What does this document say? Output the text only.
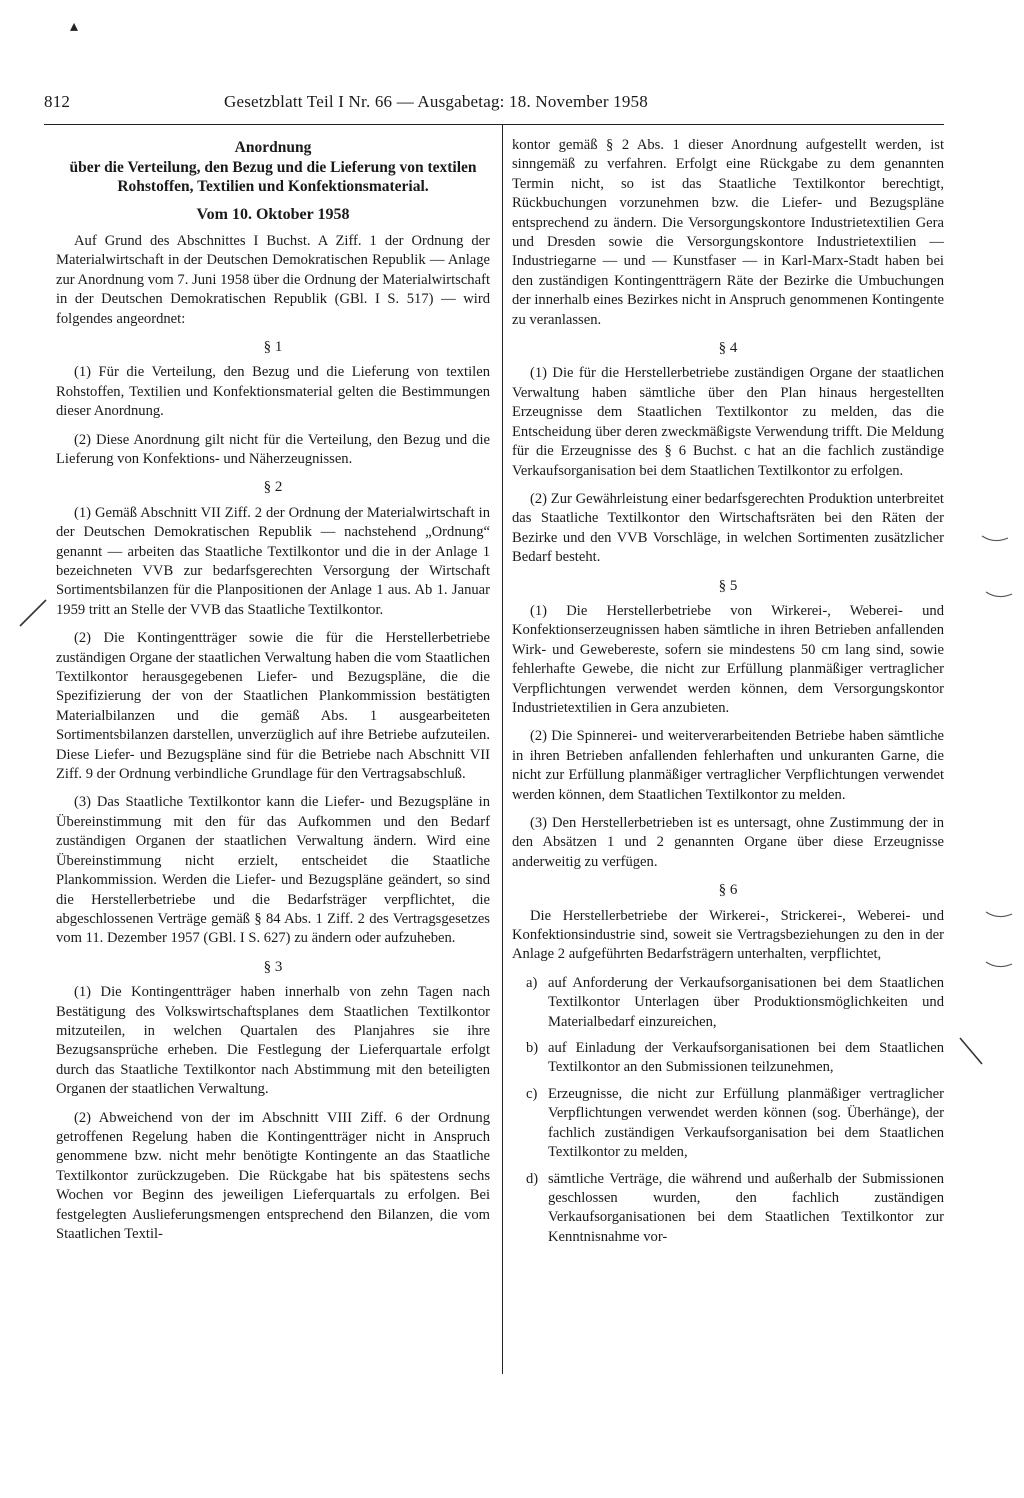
▴
812	Gesetzblatt Teil I Nr. 66 — Ausgabetag: 18. November 1958
Anordnung
über die Verteilung, den Bezug und die Lieferung von textilen Rohstoffen, Textilien und Konfektionsmaterial.
Vom 10. Oktober 1958

Auf Grund des Abschnittes I Buchst. A Ziff. 1 der Ordnung der Materialwirtschaft in der Deutschen Demokratischen Republik — Anlage zur Anordnung vom 7. Juni 1958 über die Ordnung der Materialwirtschaft in der Deutschen Demokratischen Republik (GBl. I S. 517) — wird folgendes angeordnet:

§ 1

(1) Für die Verteilung, den Bezug und die Lieferung von textilen Rohstoffen, Textilien und Konfektionsmaterial gelten die Bestimmungen dieser Anordnung.

(2) Diese Anordnung gilt nicht für die Verteilung, den Bezug und die Lieferung von Konfektions- und Näherzeugnissen.

§ 2

(1) Gemäß Abschnitt VII Ziff. 2 der Ordnung der Materialwirtschaft in der Deutschen Demokratischen Republik — nachstehend „Ordnung“ genannt — arbeiten das Staatliche Textilkontor und die in der Anlage 1 bezeichneten VVB zur bedarfsgerechten Versorgung der Wirtschaft Sortimentsbilanzen für die Planpositionen der Anlage 1 aus. Ab 1. Januar 1959 tritt an Stelle der VVB das Staatliche Textilkontor.

(2) Die Kontingentträger sowie die für die Herstellerbetriebe zuständigen Organe der staatlichen Verwaltung haben die vom Staatlichen Textilkontor herausgegebenen Liefer- und Bezugspläne, die die Spezifizierung der von der Staatlichen Plankommission bestätigten Materialbilanzen und die gemäß Abs. 1 ausgearbeiteten Sortimentsbilanzen darstellen, unverzüglich auf ihre Betriebe aufzuteilen. Diese Liefer- und Bezugspläne sind für die Betriebe nach Abschnitt VII Ziff. 9 der Ordnung verbindliche Grundlage für den Vertragsabschluß.

(3) Das Staatliche Textilkontor kann die Liefer- und Bezugspläne in Übereinstimmung mit den für das Aufkommen und den Bedarf zuständigen Organen der staatlichen Verwaltung ändern. Wird eine Übereinstimmung nicht erzielt, entscheidet die Staatliche Plankommission. Werden die Liefer- und Bezugspläne geändert, so sind die Herstellerbetriebe und die Bedarfsträger verpflichtet, die abgeschlossenen Verträge gemäß § 84 Abs. 1 Ziff. 2 des Vertragsgesetzes vom 11. Dezember 1957 (GBl. I S. 627) zu ändern oder aufzuheben.

§ 3

(1) Die Kontingentträger haben innerhalb von zehn Tagen nach Bestätigung des Volkswirtschaftsplanes dem Staatlichen Textilkontor mitzuteilen, in welchen Quartalen des Planjahres sie ihre Bezugsansprüche erheben. Die Festlegung der Lieferquartale erfolgt durch das Staatliche Textilkontor nach Abstimmung mit den beteiligten Organen der staatlichen Verwaltung.

(2) Abweichend von der im Abschnitt VIII Ziff. 6 der Ordnung getroffenen Regelung haben die Kontingentträger nicht in Anspruch genommene bzw. nicht mehr benötigte Kontingente an das Staatliche Textilkontor zurückzugeben. Die Rückgabe hat bis spätestens sechs Wochen vor Beginn des jeweiligen Lieferquartals zu erfolgen. Bei festgelegten Auslieferungsmengen entsprechend den Bilanzen, die vom Staatlichen Textil-

kontor gemäß § 2 Abs. 1 dieser Anordnung aufgestellt werden, ist sinngemäß zu verfahren. Erfolgt eine Rückgabe zu dem genannten Termin nicht, so ist das Staatliche Textilkontor berechtigt, Rückbuchungen vorzunehmen bzw. die Liefer- und Bezugspläne entsprechend zu ändern. Die Versorgungskontore Industrietextilien Gera und Dresden sowie die Versorgungskontore Industrietextilien — Industriegarne — und — Kunstfaser — in Karl-Marx-Stadt haben bei den zuständigen Kontingentträgern Räte der Bezirke die Umbuchungen der innerhalb eines Bezirkes nicht in Anspruch genommenen Kontingente zu veranlassen.

§ 4

(1) Die für die Herstellerbetriebe zuständigen Organe der staatlichen Verwaltung haben sämtliche über den Plan hinaus hergestellten Erzeugnisse dem Staatlichen Textilkontor zu melden, das die Entscheidung über deren zweckmäßigste Verwendung trifft. Die Meldung für die Erzeugnisse des § 6 Buchst. c hat an die fachlich zuständige Verkaufsorganisation bei dem Staatlichen Textilkontor zu erfolgen.

(2) Zur Gewährleistung einer bedarfsgerechten Produktion unterbreitet das Staatliche Textilkontor den Wirtschaftsräten bei den Räten der Bezirke und den VVB Vorschläge, in welchen Sortimenten zusätzlicher Bedarf besteht.

§ 5

(1) Die Herstellerbetriebe von Wirkerei-, Weberei- und Konfektionserzeugnissen haben sämtliche in ihren Betrieben anfallenden Wirk- und Gewebereste, sofern sie mindestens 50 cm lang sind, sowie fehlerhafte Gewebe, die nicht zur Erfüllung planmäßiger vertraglicher Verpflichtungen verwendet werden können, dem Versorgungskontor Industrietextilien in Gera anzubieten.

(2) Die Spinnerei- und weiterverarbeitenden Betriebe haben sämtliche in ihren Betrieben anfallenden fehlerhaften und unkuranten Garne, die nicht zur Erfüllung planmäßiger vertraglicher Verpflichtungen verwendet werden können, dem Staatlichen Textilkontor zu melden.

(3) Den Herstellerbetrieben ist es untersagt, ohne Zustimmung der in den Absätzen 1 und 2 genannten Organe über diese Erzeugnisse anderweitig zu verfügen.

§ 6

Die Herstellerbetriebe der Wirkerei-, Strickerei-, Weberei- und Konfektionsindustrie sind, soweit sie Vertragsbeziehungen zu den in der Anlage 2 aufgeführten Bedarfsträgern unterhalten, verpflichtet,

a) auf Anforderung der Verkaufsorganisationen bei dem Staatlichen Textilkontor Unterlagen über Produktionsmöglichkeiten und Materialbedarf einzureichen,
b) auf Einladung der Verkaufsorganisationen bei dem Staatlichen Textilkontor an den Submissionen teilzunehmen,
c) Erzeugnisse, die nicht zur Erfüllung planmäßiger vertraglicher Verpflichtungen verwendet werden können (sog. Überhänge), der fachlich zuständigen Verkaufsorganisation bei dem Staatlichen Textilkontor zu melden,
d) sämtliche Verträge, die während und außerhalb der Submissionen geschlossen wurden, den fachlich zuständigen Verkaufsorganisationen bei dem Staatlichen Textilkontor zur Kenntnisnahme vor-
